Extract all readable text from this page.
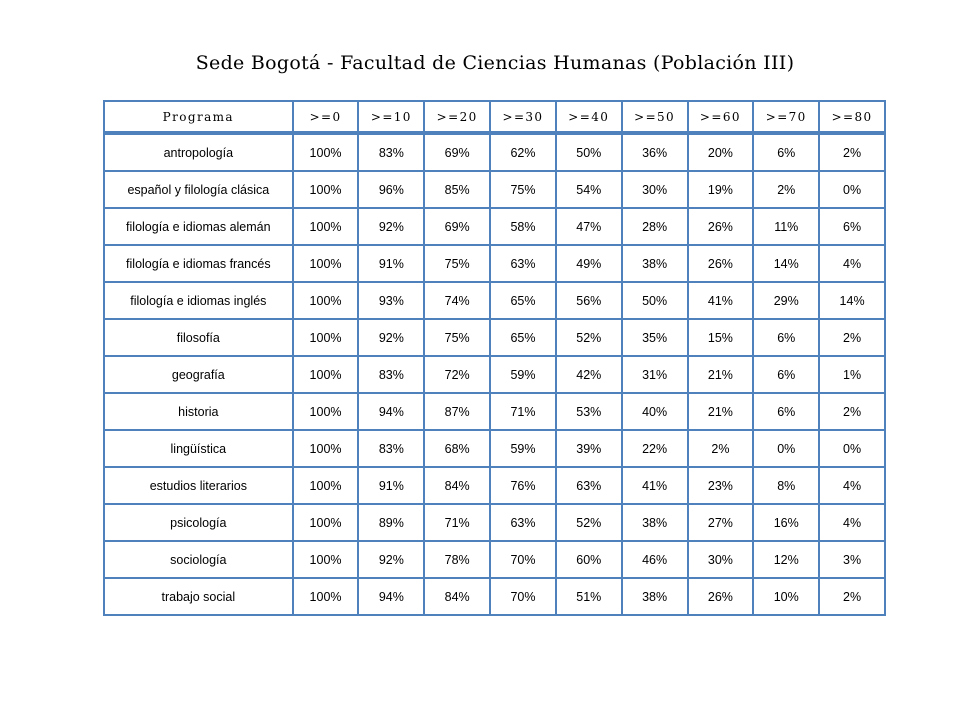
Sede Bogotá - Facultad de Ciencias Humanas (Población III)
Programa	>=0	>=10	>=20	>=30	>=40	>=50	>=60	>=70	>=80
antropología	100%	83%	69%	62%	50%	36%	20%	6%	2%
español y filología clásica	100%	96%	85%	75%	54%	30%	19%	2%	0%
filología e idiomas alemán	100%	92%	69%	58%	47%	28%	26%	11%	6%
filología e idiomas francés	100%	91%	75%	63%	49%	38%	26%	14%	4%
filología e idiomas inglés	100%	93%	74%	65%	56%	50%	41%	29%	14%
filosofía	100%	92%	75%	65%	52%	35%	15%	6%	2%
geografía	100%	83%	72%	59%	42%	31%	21%	6%	1%
historia	100%	94%	87%	71%	53%	40%	21%	6%	2%
lingüística	100%	83%	68%	59%	39%	22%	2%	0%	0%
estudios literarios	100%	91%	84%	76%	63%	41%	23%	8%	4%
psicología	100%	89%	71%	63%	52%	38%	27%	16%	4%
sociología	100%	92%	78%	70%	60%	46%	30%	12%	3%
trabajo social	100%	94%	84%	70%	51%	38%	26%	10%	2%
